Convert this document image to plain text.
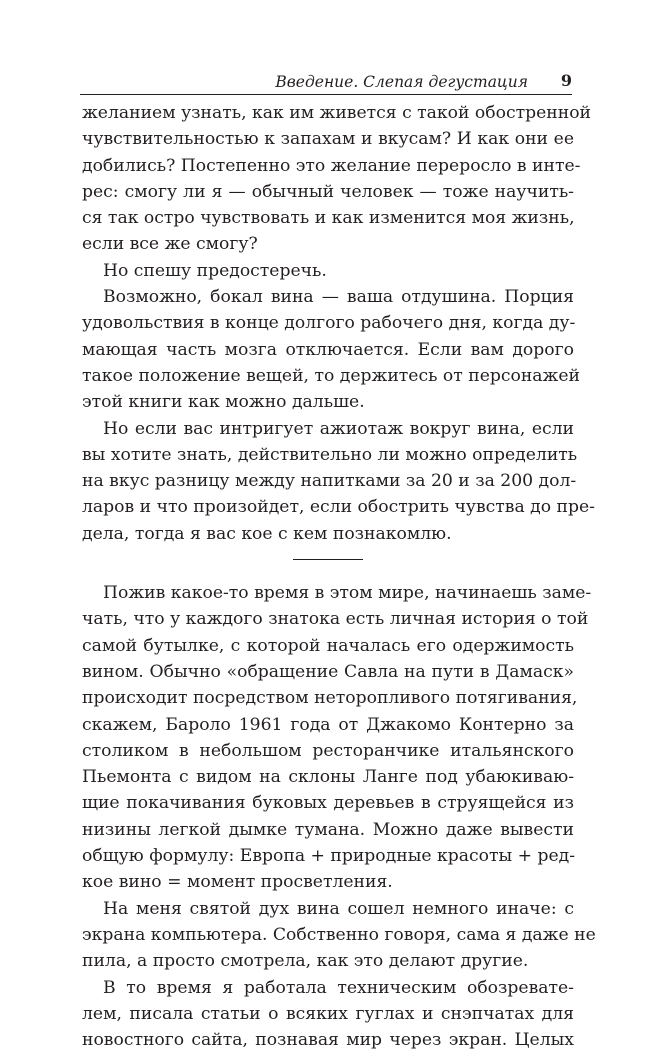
Введение. Слепая дегустация 9

желанием узнать, как им живется с такой обостренной
чувствительностью к запахам и вкусам? И как они ее
добились? Постепенно это желание переросло в инте-
рес: смогу ли я — обычный человек — тоже научить-
ся так остро чувствовать и как изменится моя жизнь,
если все же смогу?

Но спешу предостеречь.

Возможно, бокал вина — ваша отдушина. Порция
удовольствия в конце долгого рабочего дня, когда ду-
мающая часть мозга отключается. Если вам дорого
такое положение вещей, то держитесь от персонажей
этой книги как можно дальше.

Но если вас интригует ажиотаж вокруг вина, если
вы хотите знать, действительно ли можно определить
на вкус разницу между напитками за 20 и за 200 дол-
ларов и что произойдет, если обострить чувства до пре-
дела, тогда я вас кое с кем познакомлю.

Пожив какое-то время в этом мире, начинаешь заме-
чать, что у каждого знатока есть личная история о той
самой бутылке, с которой началась его одержимость
вином. Обычно «обращение Савла на пути в Дамаск»
происходит посредством неторопливого потягивания,
скажем, Бароло 1961 года от Джакомо Контерно за
столиком в небольшом ресторанчике итальянского
Пьемонта с видом на склоны Ланге под убаюкиваю-
щие покачивания буковых деревьев в струящейся из
низины легкой дымке тумана. Можно даже вывести
общую формулу: Европа + природные красоты + ред-
кое вино = момент просветления.

На меня святой дух вина сошел немного иначе: с
экрана компьютера. Собственно говоря, сама я даже не
пила, а просто смотрела, как это делают другие.

В то время я работала техническим обозревате-
лем, писала статьи о всяких гуглах и снэпчатах для
новостного сайта, познавая мир через экран. Целых
